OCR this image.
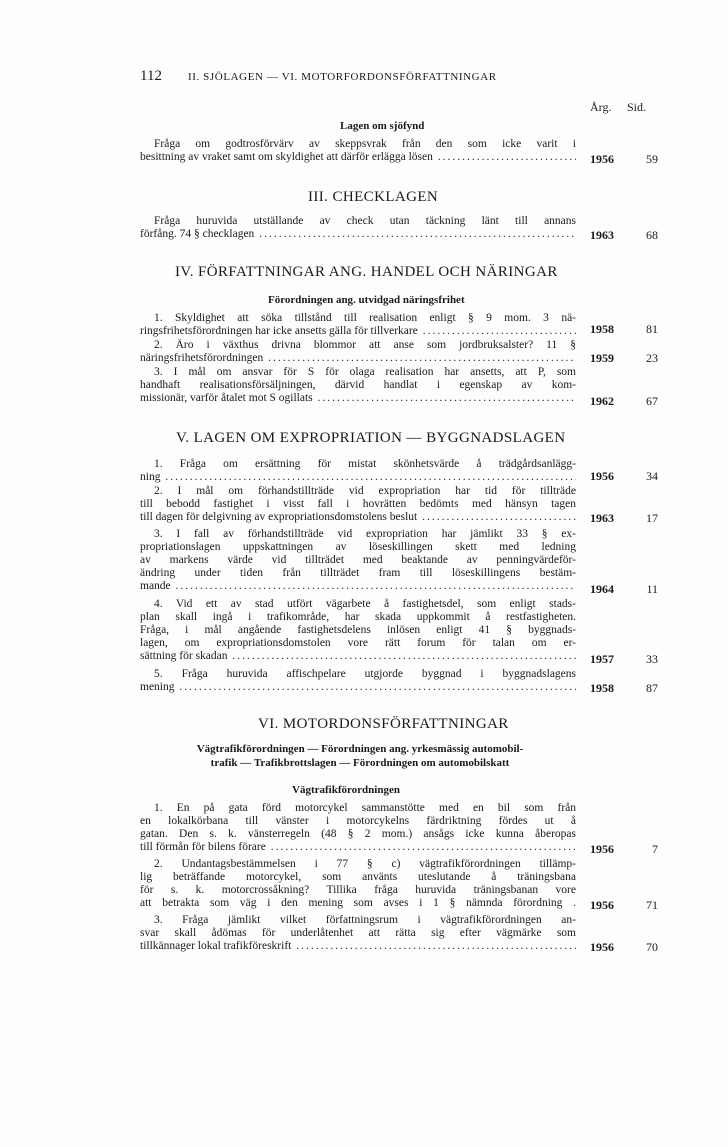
112 II. SJÖLAGEN — VI. MOTORFORDONSFÖRFATTNINGAR
Årg. Sid.
Lagen om sjöfynd
Fråga om godtrosförvärv av skeppsvrak från den som icke varit i
besittning av vraket samt om skyldighet att därför erlägga lösen .....	1956	59
III. CHECKLAGEN
Fråga huruvida utställande av check utan täckning länt till annans
förfång. 74 § checklagen .....	1963	68
IV. FÖRFATTNINGAR ANG. HANDEL OCH NÄRINGAR
Förordningen ang. utvidgad näringsfrihet
1. Skyldighet att söka tillstånd till realisation enligt § 9 mom. 3 nä-
ringsfrihetsförordningen har icke ansetts gälla för tillverkare .....	1958	81
2. Äro i växthus drivna blommor att anse som jordbruksalster? 11 §
näringsfrihetsförordningen .....	1959	23
3. I mål om ansvar för S för olaga realisation har ansetts, att P, som
handhaft realisationsförsäljningen, därvid handlat i egenskap av kom-
missionär, varför åtalet mot S ogillats .....	1962	67
V. LAGEN OM EXPROPRIATION — BYGGNADSLAGEN
1. Fråga om ersättning för mistat skönhetsvärde å trädgårdsanlägg-
ning .....	1956	34
2. I mål om förhandstillträde vid expropriation har tid för tillträde
till bebodd fastighet i visst fall i hovrätten bedömts med hänsyn tagen
till dagen för delgivning av expropriationsdomstolens beslut .....	1963	17
3. I fall av förhandstillträde vid expropriation har jämlikt 33 § ex-
propriationslagen uppskattningen av löseskillingen skett med ledning
av markens värde vid tillträdet med beaktande av penningvärdeför-
ändring under tiden från tillträdet fram till löseskillingens bestäm-
mande .....	1964	11
4. Vid ett av stad utfört vägarbete å fastighetsdel, som enligt stads-
plan skall ingå i trafikområde, har skada uppkommit å restfastigheten.
Fråga, i mål angående fastighetsdelens inlösen enligt 41 § byggnads-
lagen, om expropriationsdomstolen vore rätt forum för talan om er-
sättning för skadan .....	1957	33
5. Fråga huruvida affischpelare utgjorde byggnad i byggnadslagens
mening .....	1958	87
VI. MOTORDONSFÖRFATTNINGAR
Vägtrafikförordningen — Förordningen ang. yrkesmässig automobil-
trafik — Trafikbrottslagen — Förordningen om automobilskatt
Vägtrafikförordningen
1. En på gata förd motorcykel sammanstötte med en bil som från
en lokalkörbana till vänster i motorcykelns färdriktning fördes ut å
gatan. Den s. k. vänsterregeln (48 § 2 mom.) ansågs icke kunna åberopas
till förmån för bilens förare .....	1956	7
2. Undantagsbestämmelsen i 77 § c) vägtrafikförordningen tillämp-
lig beträffande motorcykel, som använts uteslutande å träningsbana
för s. k. motorcrossåkning? Tillika fråga huruvida träningsbanan vore
att betrakta som väg i den mening som avses i 1 § nämnda förordning . 1956	71
3. Fråga jämlikt vilket författningsrum i vägtrafikförordningen an-
svar skall ådömas för underlåtenhet att rätta sig efter vägmärke som
tillkännager lokal trafikföreskrift .....	1956	70
